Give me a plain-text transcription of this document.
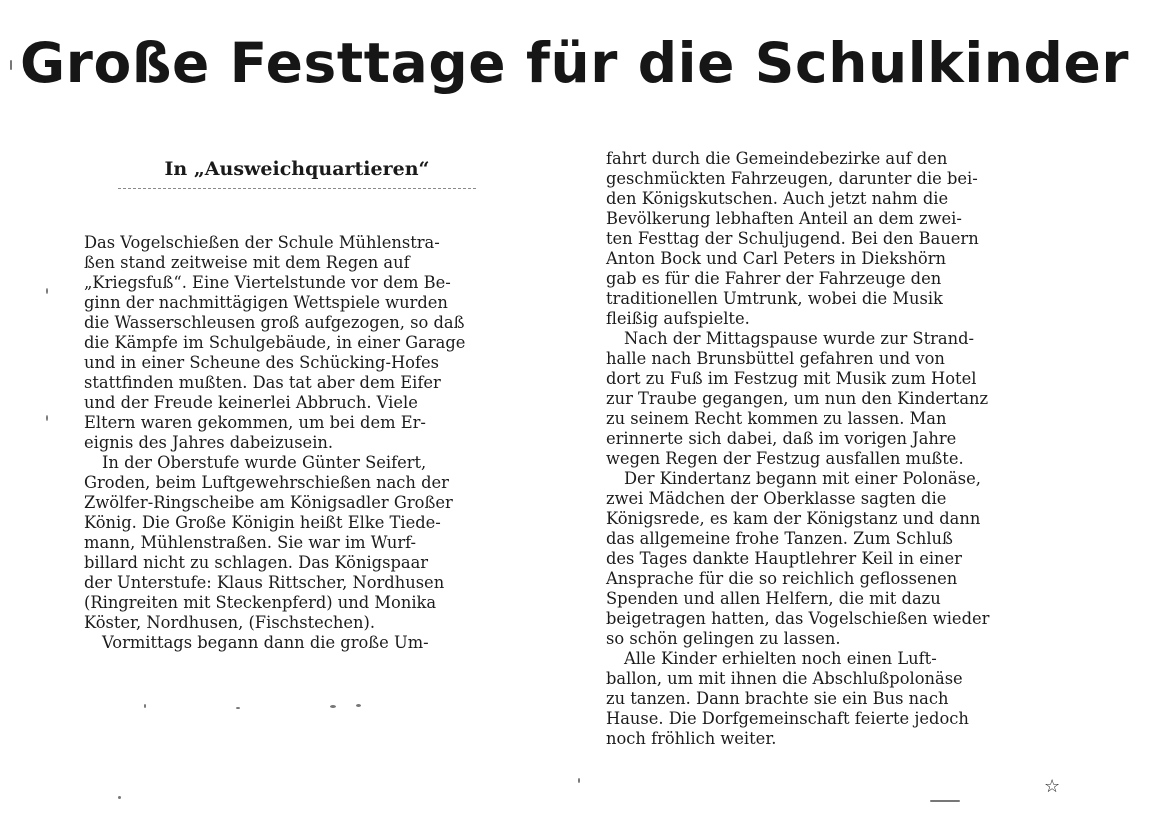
Große Festtage für die Schulkinder
In „Ausweichquartieren“
Das Vogelschießen der Schule Mühlenstra-
ßen stand zeitweise mit dem Regen auf
„Kriegsfuß“. Eine Viertelstunde vor dem Be-
ginn der nachmittägigen Wettspiele wurden
die Wasserschleusen groß aufgezogen, so daß
die Kämpfe im Schulgebäude, in einer Garage
und in einer Scheune des Schücking-Hofes
stattfinden mußten. Das tat aber dem Eifer
und der Freude keinerlei Abbruch. Viele
Eltern waren gekommen, um bei dem Er-
eignis des Jahres dabeizusein.
In der Oberstufe wurde Günter Seifert,
Groden, beim Luftgewehrschießen nach der
Zwölfer-Ringscheibe am Königsadler Großer
König. Die Große Königin heißt Elke Tiede-
mann, Mühlenstraßen. Sie war im Wurf-
billard nicht zu schlagen. Das Königspaar
der Unterstufe: Klaus Rittscher, Nordhusen
(Ringreiten mit Steckenpferd) und Monika
Köster, Nordhusen, (Fischstechen).
Vormittags begann dann die große Um-
fahrt durch die Gemeindebezirke auf den
geschmückten Fahrzeugen, darunter die bei-
den Königskutschen. Auch jetzt nahm die
Bevölkerung lebhaften Anteil an dem zwei-
ten Festtag der Schuljugend. Bei den Bauern
Anton Bock und Carl Peters in Diekshörn
gab es für die Fahrer der Fahrzeuge den
traditionellen Umtrunk, wobei die Musik
fleißig aufspielte.
Nach der Mittagspause wurde zur Strand-
halle nach Brunsbüttel gefahren und von
dort zu Fuß im Festzug mit Musik zum Hotel
zur Traube gegangen, um nun den Kindertanz
zu seinem Recht kommen zu lassen. Man
erinnerte sich dabei, daß im vorigen Jahre
wegen Regen der Festzug ausfallen mußte.
Der Kindertanz begann mit einer Polonäse,
zwei Mädchen der Oberklasse sagten die
Königsrede, es kam der Königstanz und dann
das allgemeine frohe Tanzen. Zum Schluß
des Tages dankte Hauptlehrer Keil in einer
Ansprache für die so reichlich geflossenen
Spenden und allen Helfern, die mit dazu
beigetragen hatten, das Vogelschießen wieder
so schön gelingen zu lassen.
Alle Kinder erhielten noch einen Luft-
ballon, um mit ihnen die Abschlußpolonäse
zu tanzen. Dann brachte sie ein Bus nach
Hause. Die Dorfgemeinschaft feierte jedoch
noch fröhlich weiter.
☆
